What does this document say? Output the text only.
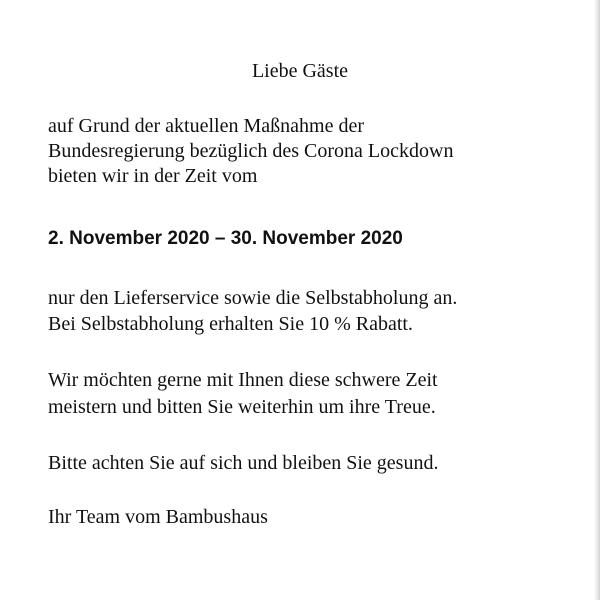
Liebe Gäste

auf Grund der aktuellen Maßnahme der

Bundesregierung bezüglich des Corona Lockdown

bieten wir in der Zeit vom

2. November 2020 – 30. November 2020

nur den Lieferservice sowie die Selbstabholung an.

Bei Selbstabholung erhalten Sie 10 % Rabatt.

Wir möchten gerne mit Ihnen diese schwere Zeit

meistern und bitten Sie weiterhin um ihre Treue.

Bitte achten Sie auf sich und bleiben Sie gesund.

Ihr Team vom Bambushaus
